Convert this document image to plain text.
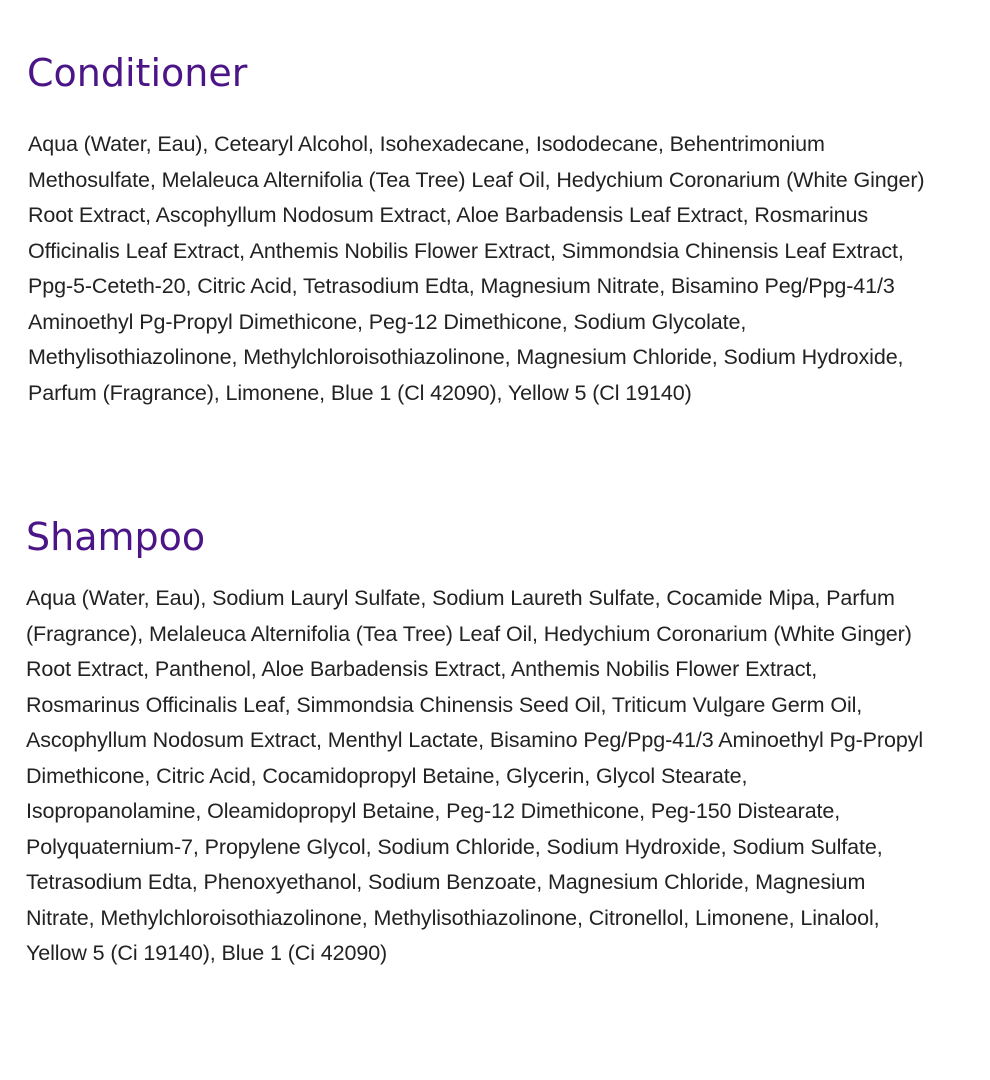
Conditioner

Aqua (Water, Eau), Cetearyl Alcohol, Isohexadecane, Isododecane, Behentrimonium Methosulfate, Melaleuca Alternifolia (Tea Tree) Leaf Oil, Hedychium Coronarium (White Ginger) Root Extract, Ascophyllum Nodosum Extract, Aloe Barbadensis Leaf Extract, Rosmarinus Officinalis Leaf Extract, Anthemis Nobilis Flower Extract, Simmondsia Chinensis Leaf Extract, Ppg-5-Ceteth-20, Citric Acid, Tetrasodium Edta, Magnesium Nitrate, Bisamino Peg/Ppg-41/3 Aminoethyl Pg-Propyl Dimethicone, Peg-12 Dimethicone, Sodium Glycolate, Methylisothiazolinone, Methylchloroisothiazolinone, Magnesium Chloride, Sodium Hydroxide, Parfum (Fragrance), Limonene, Blue 1 (Cl 42090), Yellow 5 (Cl 19140)

Shampoo

Aqua (Water, Eau), Sodium Lauryl Sulfate, Sodium Laureth Sulfate, Cocamide Mipa, Parfum (Fragrance), Melaleuca Alternifolia (Tea Tree) Leaf Oil, Hedychium Coronarium (White Ginger) Root Extract, Panthenol, Aloe Barbadensis Extract, Anthemis Nobilis Flower Extract, Rosmarinus Officinalis Leaf, Simmondsia Chinensis Seed Oil, Triticum Vulgare Germ Oil, Ascophyllum Nodosum Extract, Menthyl Lactate, Bisamino Peg/Ppg-41/3 Aminoethyl Pg-Propyl Dimethicone, Citric Acid, Cocamidopropyl Betaine, Glycerin, Glycol Stearate, Isopropanolamine, Oleamidopropyl Betaine, Peg-12 Dimethicone, Peg-150 Distearate, Polyquaternium-7, Propylene Glycol, Sodium Chloride, Sodium Hydroxide, Sodium Sulfate, Tetrasodium Edta, Phenoxyethanol, Sodium Benzoate, Magnesium Chloride, Magnesium Nitrate, Methylchloroisothiazolinone, Methylisothiazolinone, Citronellol, Limonene, Linalool, Yellow 5 (Ci 19140), Blue 1 (Ci 42090)
